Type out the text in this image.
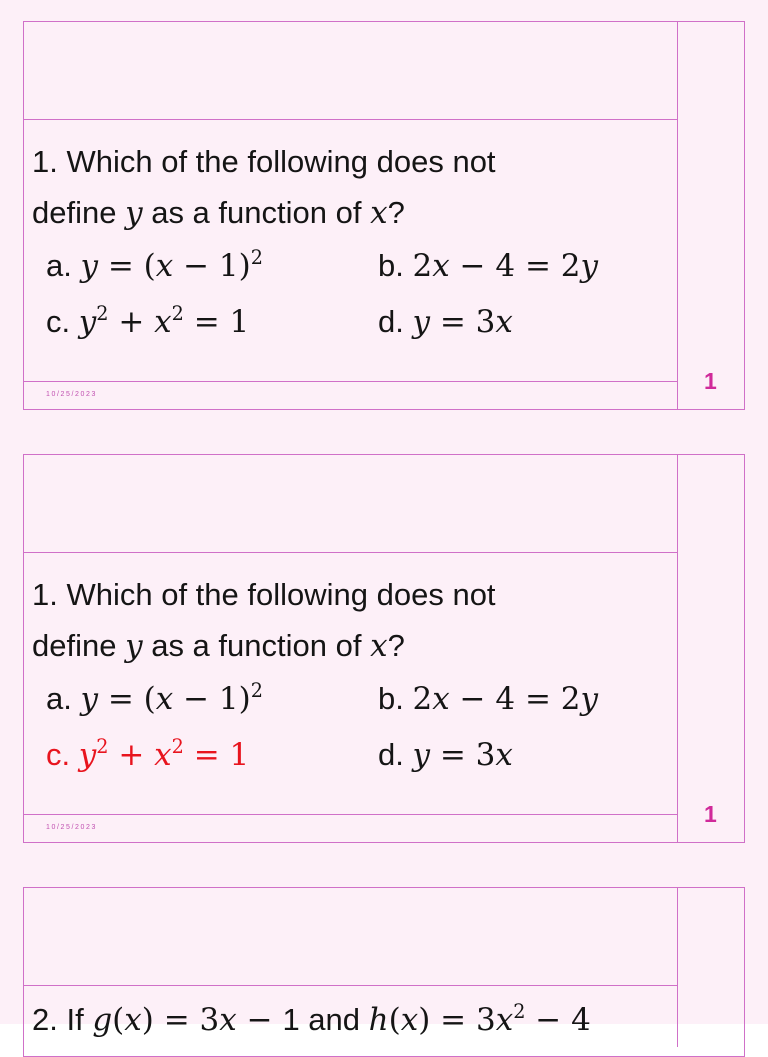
1. Which of the following does not
define y as a function of x?
a. $y = (x - 1)^2$	b. 2x − 4 = 2y
c. $y^2 + x^2 = 1$	d. y = 3x
10/25/2023
1
1. Which of the following does not
define y as a function of x?
a. $y = (x - 1)^2$	b. 2x − 4 = 2y
c. $y^2 + x^2 = 1$	d. y = 3x
10/25/2023
1
2. If g(x) = 3x − 1 and $h(x) = 3x^2 - 4$
